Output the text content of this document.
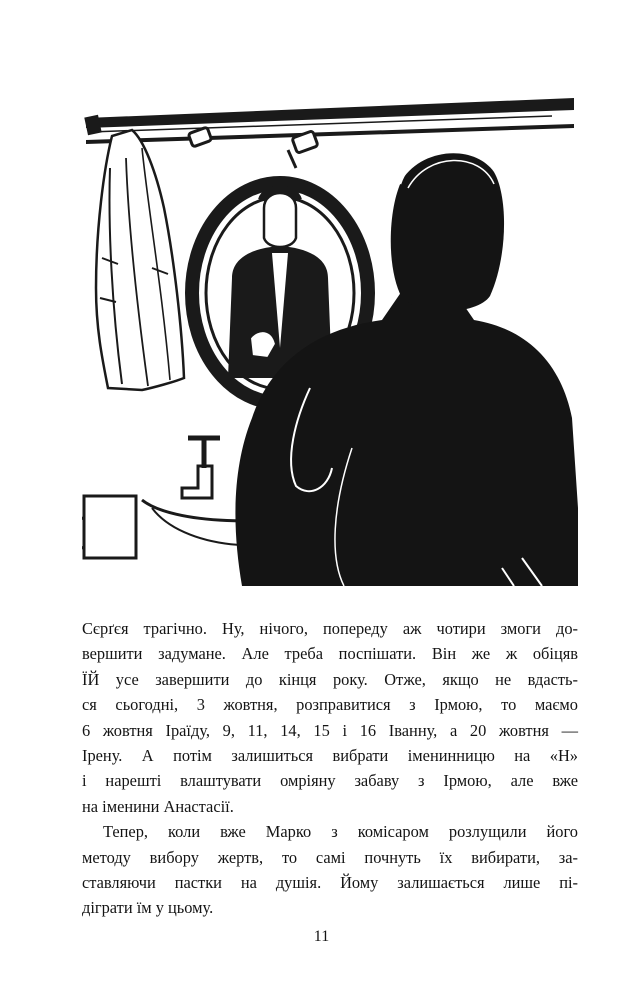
Сєрґєя трагічно. Ну, нічого, попереду аж чотири змоги до-
вершити задумане. Але треба поспішати. Він же ж обіцяв
ЇЙ усе завершити до кінця року. Отже, якщо не вдасть-
ся сьогодні, 3 жовтня, розправитися з Ірмою, то маємо
6 жовтня Іраїду, 9, 11, 14, 15 і 16 Іванну, а 20 жовтня —
Ірену. А потім залишиться вибрати іменинницю на «Н»
і нарешті влаштувати омріяну забаву з Ірмою, але вже
на іменини Анастасії.

Тепер, коли вже Марко з комісаром розлущили його
методу вибору жертв, то самі почнуть їх вибирати, за-
ставляючи пастки на душія. Йому залишається лише пі-
діграти їм у цьому.

11
